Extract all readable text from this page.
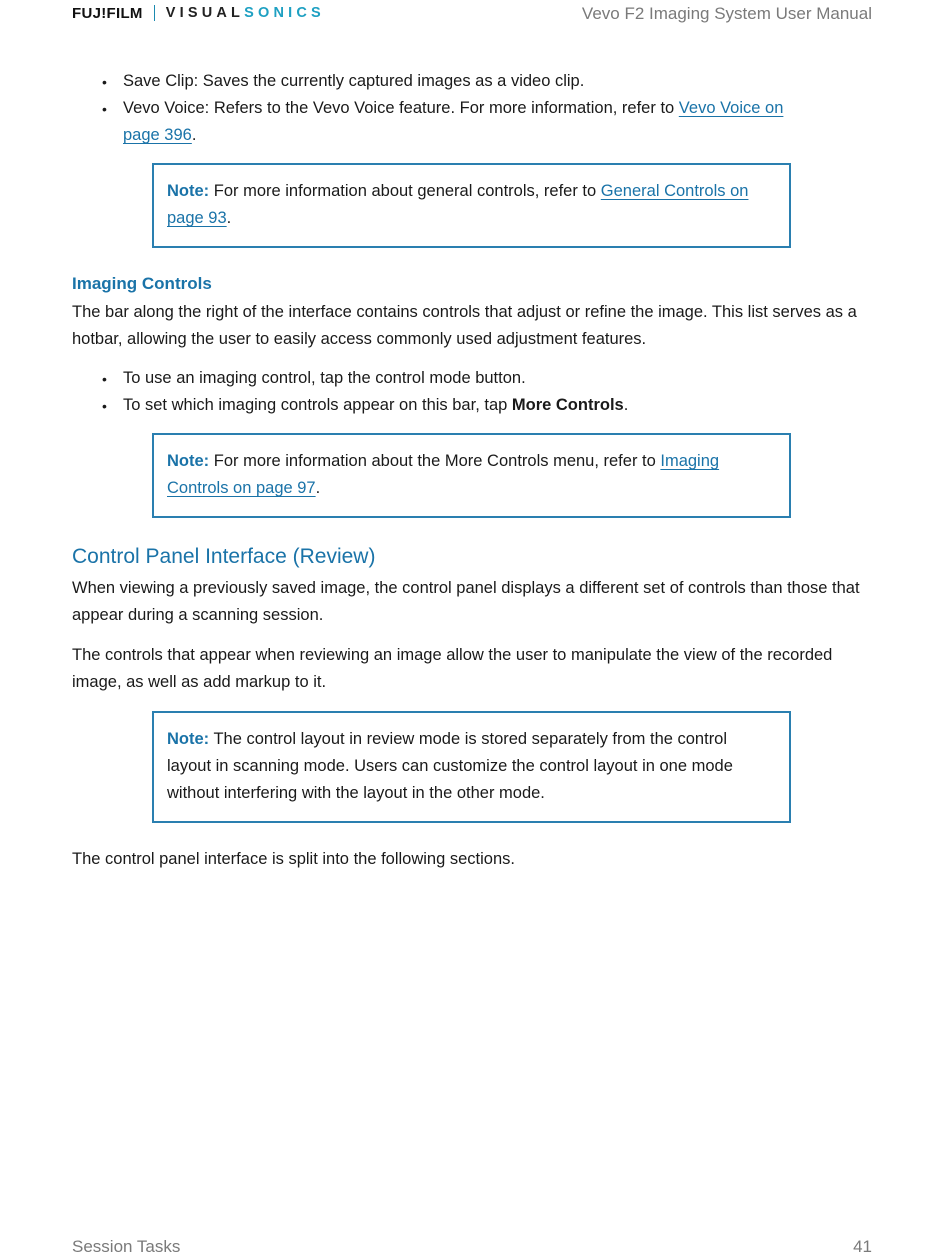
FUJ!FILM VISUAL SONICS	Vevo F2 Imaging System User Manual
• Save Clip: Saves the currently captured images as a video clip.
• Vevo Voice: Refers to the Vevo Voice feature. For more information, refer to Vevo Voice on
page 396.
Note: For more information about general controls, refer to General Controls on
page 93.
Imaging Controls

The bar along the right of the interface contains controls that adjust or refine the image. This list serves as a
hotbar, allowing the user to easily access commonly used adjustment features.

• To use an imaging control, tap the control mode button.
• To set which imaging controls appear on this bar, tap More Controls.
Note: For more information about the More Controls menu, refer to Imaging
Controls on page 97.
Control Panel Interface (Review)

When viewing a previously saved image, the control panel displays a different set of controls than those that
appear during a scanning session.

The controls that appear when reviewing an image allow the user to manipulate the view of the recorded
image, as well as add markup to it.

Note: The control layout in review mode is stored separately from the control
layout in scanning mode. Users can customize the control layout in one mode
without interfering with the layout in the other mode.

The control panel interface is split into the following sections.

Session Tasks	41
